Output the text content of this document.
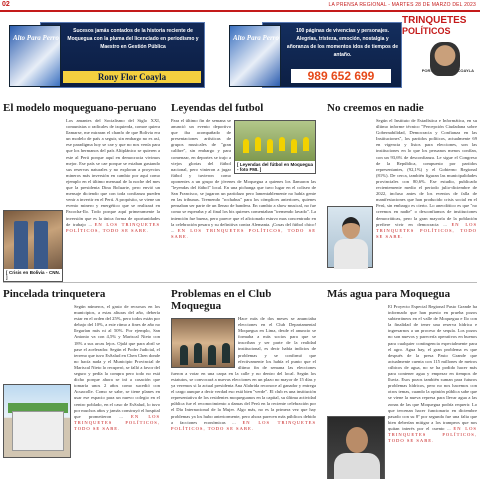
02	LA PRENSA REGIONAL - MARTES 28 DE MARZO DEL 2023
Alto Para Perro
Sucesos jamás contados de la historia reciente de Moquegua con la pluma del licenciado en periodismo y Maestro en Gestión Pública
Rony Flor Coayla
Alto Para Perro
100 páginas de vivencias y personajes. Alegrías, tristeza, emoción, nostalgia y añoranza de los momentos idos de tiempos de antaño.
989 652 699
TRINQUETES
POLÍTICOS
POR: RONY FLOR COAYLA
El modelo moqueguano-peruano
[ Crisis en Bolivia - CNN. ]
Los amantes del Socialismo del Siglo XXI, comunistas o radicales de izquierda, comoe quiera llamarse, me miraran el chanfo de que Bolivia era un modelo de país a seguir, sin embargo no es así, ese paradigma hoy se cae y que no nos venía para que los hermanos del país Altiplánico se quieren a este al Perú porque aquí en democracia vivimos mejor. Ese país se cae porque se estaban gastando sus reservas naturales y no exploran a proyectos mineros más inversión en cambio por aquí como ejemplo en el último mensual de la noche del mes que la presidenta Dina Boluarte, pero envió un mensaje diciendo que con toda confianza pueden venir a invertir en el Perú. A propósito, se viene un evento minero y energético que se realizará en Pacocha-Ilo. Todo porque aquí primeramente la inversión que es la única forma de oportunidades de trabajo ... EN LOS TRINQUETES POLÍTICOS, TODO SE SABE.
Leyendas del futbol
[ Leyendas del fútbol en Moquegua - foto FMI. ]
Para el último fin de semana se anunció un evento deportivo que iba acompañado de presentaciones artísticas de grupos musicales de "gran calibre", sin embargo y para comenzar, en deportes se trajo a viejos glorias del fútbol nacional, pero vinieron a jugar fútbol y tuvieron como oponentes a un grupo de jóvenes de Moquegua a quienes los llamaron las "leyendas del fútbol" local. En una pichanga que tuvo lugar en el coliseo de San Francisco, se jugaron un partidazo pero lamentablemente no había gente en las tribunas. Tremendo "rochabus" para los cómplices anteriores, quienes pensaban ser parte de un llenao de bandera. En cambio a show musical, no fue como se esperaba y al final los bis quienes comentaban "tremendo lavado". La intención fue buena, pero parece que el aficionado estuvo mas concentrado en la celebración pesara y su definitiva contra Alemania. ¡Cosas del fútbol chico! ... EN LOS TRINQUETES POLÍTICOS, TODO SE SABE.
No creemos en nadie
Según el Instituto de Estadística e Informática, en su último informe técnico "Percepción Ciudadana sobre Gobernabilidad, Democracia y Confianza en las Instituciones", los partidos políticos, actualmente 69 en vigencia y listos para elecciones, son las instituciones en lo que los peruanos menos confían, con un 93,6% de desconfianza. Le sigue el Congreso de la República, compuesto por partidos representantes, (92,1%) y el Gobierno Regional (81%). De cerca, también figuran las municipalidades provinciales con 80,6%. Ese estudio, publicado recientemente medio el periodo julio-diciembre de 2022, incluso antes de los eventos de falla de manifestaciones que han producido crisis social en el Perú, sin embargo es cierto. Lo anecdótico es que "no creemos en nadie" o desconfiamos de instituciones democráticas, pero la gran mayoría de la población prefiere vivir en democracia ... EN LOS TRINQUETES POLÍTICOS, TODO SE SABE.
Pincelada trinquetera
Según números, el gasto de recursos en los municipios, a estas alturas del año, debería estar en el orden del 25%, pero todos están por debajo del 10%, a este ritmo a fines de año no llegarían más ni al 50%. Por ejemplo, San Antonio va con 4,5% y Mariscal Nieto con 18% a sus arcas lejos. Ojalá que para abril se pase el acelerador. Según el Poder Judicial, el terreno que tuvo EsSalud en Chen Chen donde no hacía nada y el Municipio Provincial de Mariscal Nieto lo recuperó, se falló a favor del seguro y pedía la compra pero todo no está dicho porque ahora se irá a casación que tomaría unos 2 años como sucedió con Acuacolle. Como se sabe, se tiene planes en usar ese espacio para un nuevo colegio en el centro poblado, en el caso de EsSalud, lo tuvo por muchos años y jamás construyó el hospital que prometieron ... EN LOS TRINQUETES POLÍTICOS, TODO SE SABE.
Problemas en el Club Moquegua
Hace más de dos meses se anunciaba elecciones en el Club Departamental Moquegua en Lima, desde el anuncio se formaba a más socios para que se inscriban y ser parte de la realidad institucional, es decir había indicios de problemas y se confirmó que efectivamente los había el punto que el último fin de semana las elecciones fueron a votar en una carpa en la calle y no dentro del local. Según los estatutos, se convocará a nuevas elecciones en un plazo no mayor de 15 días y ya veremos si la actual presidenta Ana Alahrida reconoce al ganador y entrega el cargo aunque a decir verdad eso está bien "verde". El club es una institución representativa de los residentes moqueguanos en la capital, su última actividad pública fue el reconocimiento a damas del Perú en la reciente celebración por el Día Internacional de la Mujer. Algo más, no es la primera vez que hay problemas ya los hubo anteriormente, pero ahora parecen más públicos debido a facciones económicas ... EN LOS TRINQUETES POLÍTICOS, TODO SE SABE.
Más agua para Moquegua
El Proyecto Especial Regional Pasto Grande ha informado que han puesto en prueba pozos subterráneos en el valle de Moquegua e Ilo con la finalidad de tener una reserva hídrica e ingresarnos a un proceso de sequía. Los pozos no son nuevos y parecería operativos en buenos para cualquier contingencia especialmente para el agro. Agua hay, el gran problema es que después de la presa Pasto Grande que actualmente cuenta con 115 millones de metros cúbicos de agua, no se ha podido hacer más para contener agua y empezar en tiempos de lluvia. Esos pozos también suman para futuros problemas hídricos, pero no nos hacemos con otros temas, cuando la opinión pública sabe que se viene la nueva represa para llevar agua a las zonas de las que Moquegua podría requerir. Lo que tercenan hacer funcionario en diciembre pasado con su 8º por segunda fue una falta que bien deberían mitigar a los trampeos que nos quitan interés por el cuento ... EN LOS TRINQUETES POLÍTICOS, TODO SE SABE.
